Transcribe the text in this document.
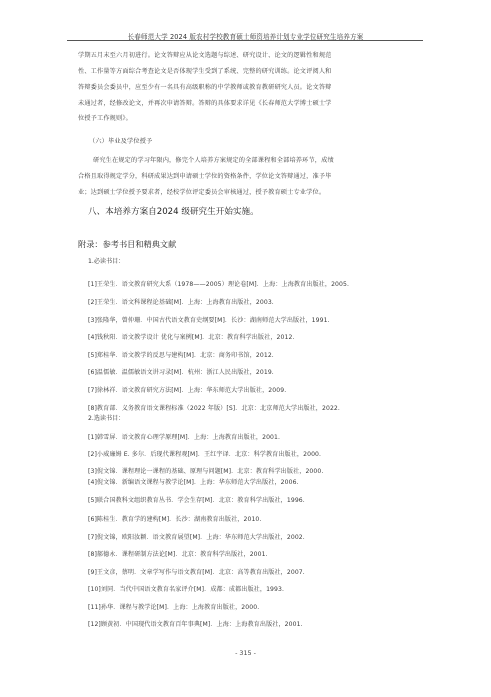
长春师范大学 2024 版农村学校教育硕士师资培养计划专业学位研究生培养方案
学期五月末至六月初进行。论文答辩应从论文选题与综述、研究设计、论文的逻辑性和规范
性、工作量等方面综合考查论文是否体现学生受到了系统、完整的研究训练。论文评阅人和
答辩委员会委员中，应至少有一名具有高级职称的中学教师或教育教研研究人员。论文答辩
未通过者，经修改论文，并再次申请答辩。答辩的具体要求详见《长春师范大学博士硕士学
位授予工作规则》。
（六）毕业及学位授予
研究生在规定的学习年限内，修完个人培养方案规定的全部课程和全部培养环节，成绩
合格且取得规定学分，科研成果达到申请硕士学位的资格条件，学位论文答辩通过，准予毕
业；达到硕士学位授予要求者，经校学位评定委员会审核通过，授予教育硕士专业学位。
八、本培养方案自2024 级研究生开始实施。
附录：参考书目和精典文献
1.必读书目：
[1]王荣生．语文教育研究大系（1978——2005）理论卷[M]．上海：上海教育出版社，2005.
[2]王荣生．语文科课程论基础[M]．上海：上海教育出版社，2003.
[3]张隆华，曾仲珊．中国古代语文教育史纲要[M]．长沙：湖南师范大学出版社，1991.
[4]钱秋阳．语文教学设计 优化与案例[M]．北京：教育科学出版社，2012.
[5]郑桂华．语文教学的反思与建构[M]．北京：商务印书馆，2012.
[6]温儒敏．温儒敏语文讲习录[M]．杭州：浙江人民出版社，2019.
[7]徐林祥．语文教育研究方法[M]．上海：华东师范大学出版社，2009.
[8]教育部．义务教育语文课程标准（2022 年版）[S]．北京：北京师范大学出版社，2022.
2.选读书目：
[1]韩雪屏．语文教育心理学原理[M]．上海：上海教育出版社，2001.
[2]小威廉姆 E. 多尔．后现代课程观[M]．王红宇译．北京：科学教育出版社，2000.
[3]倪文锦．课程理论一课程的基础、原理与问题[M]．北京：教育科学出版社，2000.
[4]倪文锦．新编语文课程与教学论[M]．上海：华东师范大学出版社，2006.
[5]联合国教科文组织教育丛书．学会生存[M]．北京：教育科学出版社，1996.
[6]陈桂生．教育学的建构[M]．长沙：湖南教育出版社，2010.
[7]倪文锦，欧阳汝颖．语文教育展望[M]．上海：华东师范大学出版社，2002.
[8]郝德永．课程研制方法论[M]．北京：教育科学出版社，2001.
[9]王文彦，蔡明．文章学写作与语文教育[M]．北京：高等教育出版社，2007.
[10]刘同．当代中国语文教育名家评介[M]．成都：成都出版社，1993.
[11]孙华．课程与教学论[M]．上海：上海教育出版社，2000.
[12]顾黄初．中国现代语文教育百年事典[M]．上海：上海教育出版社，2001.
- 315 -
